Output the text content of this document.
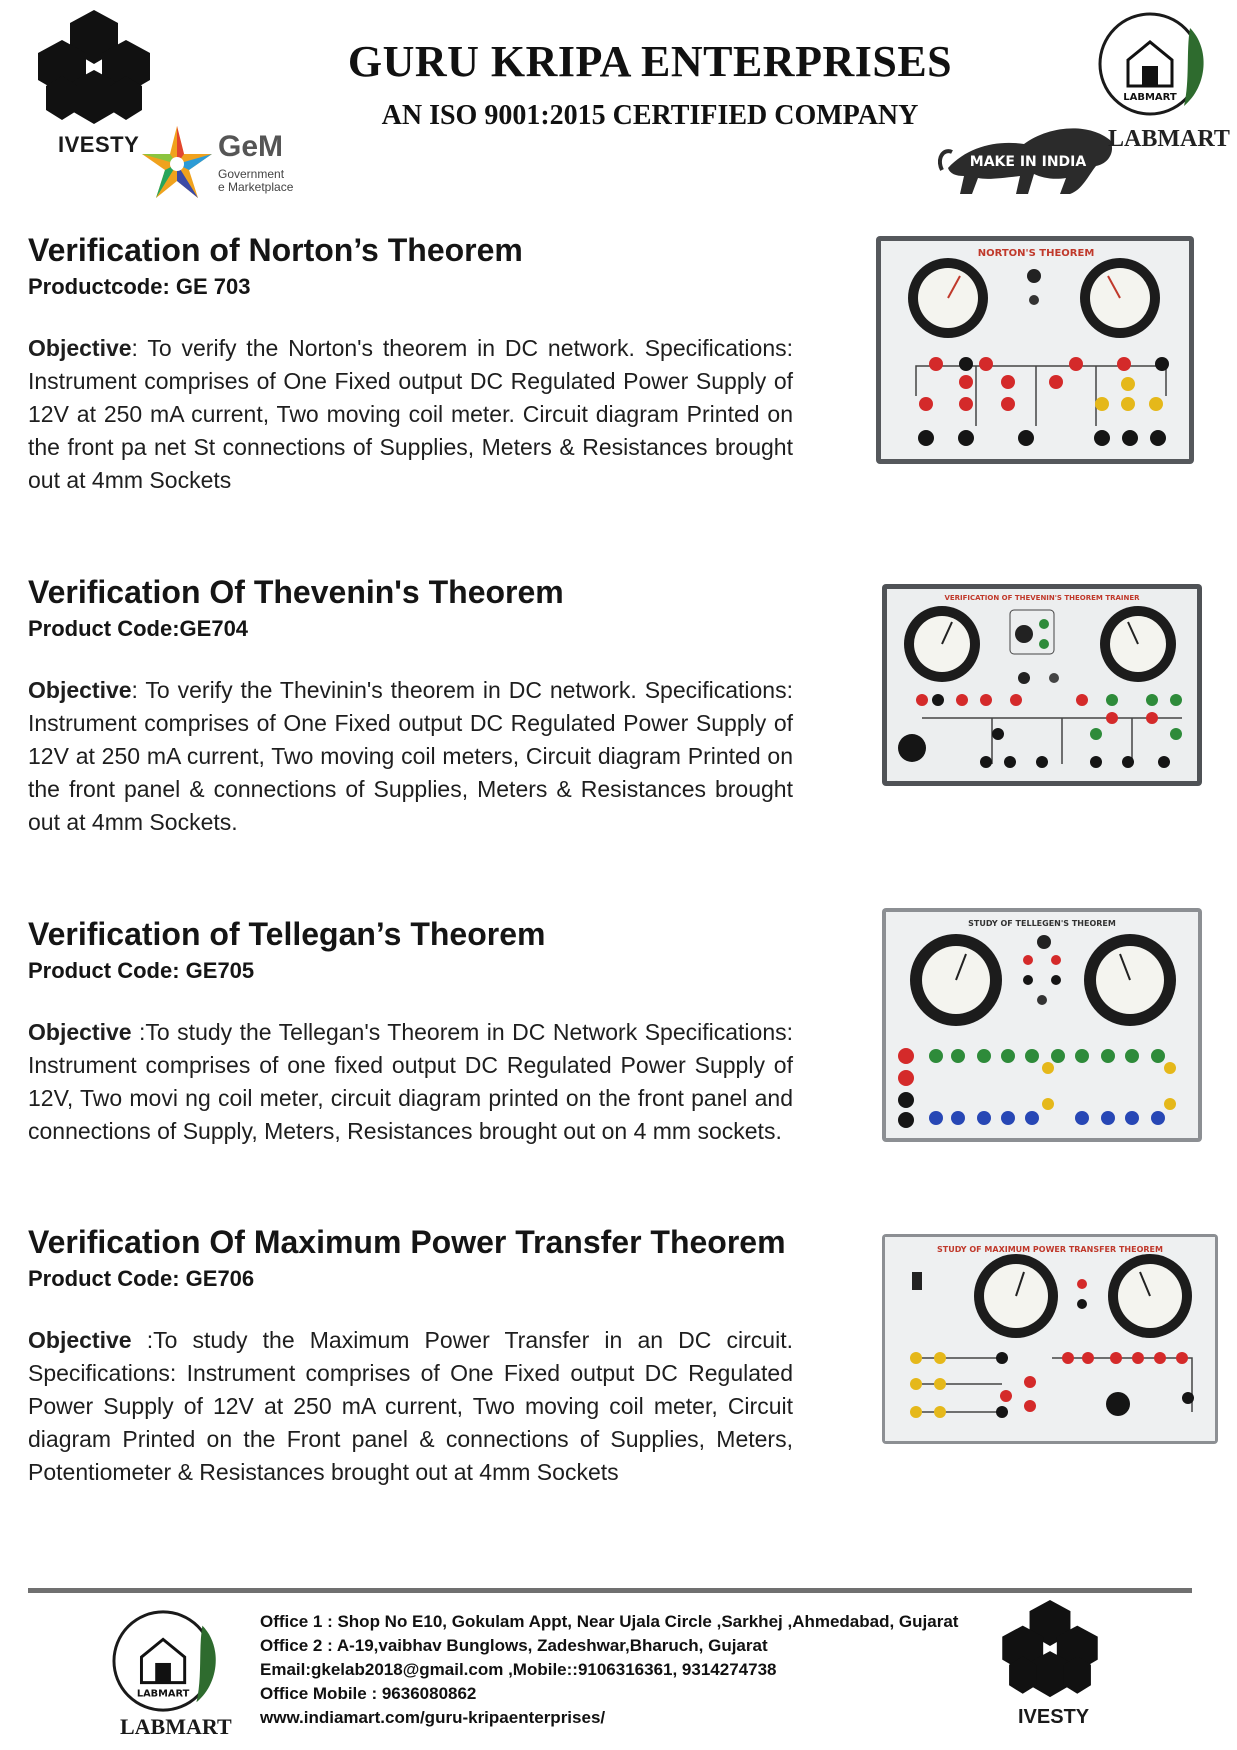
IVESTY	GeM
Government
e Marketplace
GURU KRIPA ENTERPRISES
AN ISO 9001:2015 CERTIFIED COMPANY
LABMART
MAKE IN INDIA
LABMART
Verification of Norton’s Theorem
Productcode: GE 703

Objective: To verify the Norton's theorem in DC network. Specifications: Instrument comprises of One Fixed output DC Regulated Power Supply of 12V at 250 mA current, Two moving coil meter. Circuit diagram Printed on the front pa net St connections of Supplies, Meters & Resistances brought out at 4mm Sockets

NORTON'S THEOREM
Verification Of Thevenin's Theorem
Product Code:GE704

Objective: To verify the Thevinin's theorem in DC network. Specifications: Instrument comprises of One Fixed output DC Regulated Power Supply of 12V at 250 mA current, Two moving coil meters, Circuit diagram Printed on the front panel & connections of Supplies, Meters & Resistances brought out at 4mm Sockets.

VERIFICATION OF THEVENIN'S THEOREM TRAINER
Verification of Tellegan’s Theorem
Product Code: GE705

Objective :To study the Tellegan's Theorem in DC Network Specifications: Instrument comprises of one fixed output DC Regulated Power Supply of 12V, Two movi ng coil meter, circuit diagram printed on the front panel and connections of Supply, Meters, Resistances brought out on 4 mm sockets.

STUDY OF TELLEGEN'S THEOREM
Verification Of Maximum Power Transfer Theorem
Product Code: GE706

Objective :To study the Maximum Power Transfer in an DC circuit. Specifications: Instrument comprises of One Fixed output DC Regulated Power Supply of 12V at 250 mA current, Two moving coil meter, Circuit diagram Printed on the Front panel & connections of Supplies, Meters, Potentiometer & Resistances brought out at 4mm Sockets

STUDY OF MAXIMUM POWER TRANSFER THEOREM
LABMART
LABMART
Office 1 : Shop No E10, Gokulam Appt, Near Ujala Circle ,Sarkhej ,Ahmedabad, Gujarat
Office 2 : A-19,vaibhav Bunglows, Zadeshwar,Bharuch, Gujarat
Email:gkelab2018@gmail.com ,Mobile::9106316361, 9314274738
Office Mobile : 9636080862
www.indiamart.com/guru-kripaenterprises/	IVESTY
